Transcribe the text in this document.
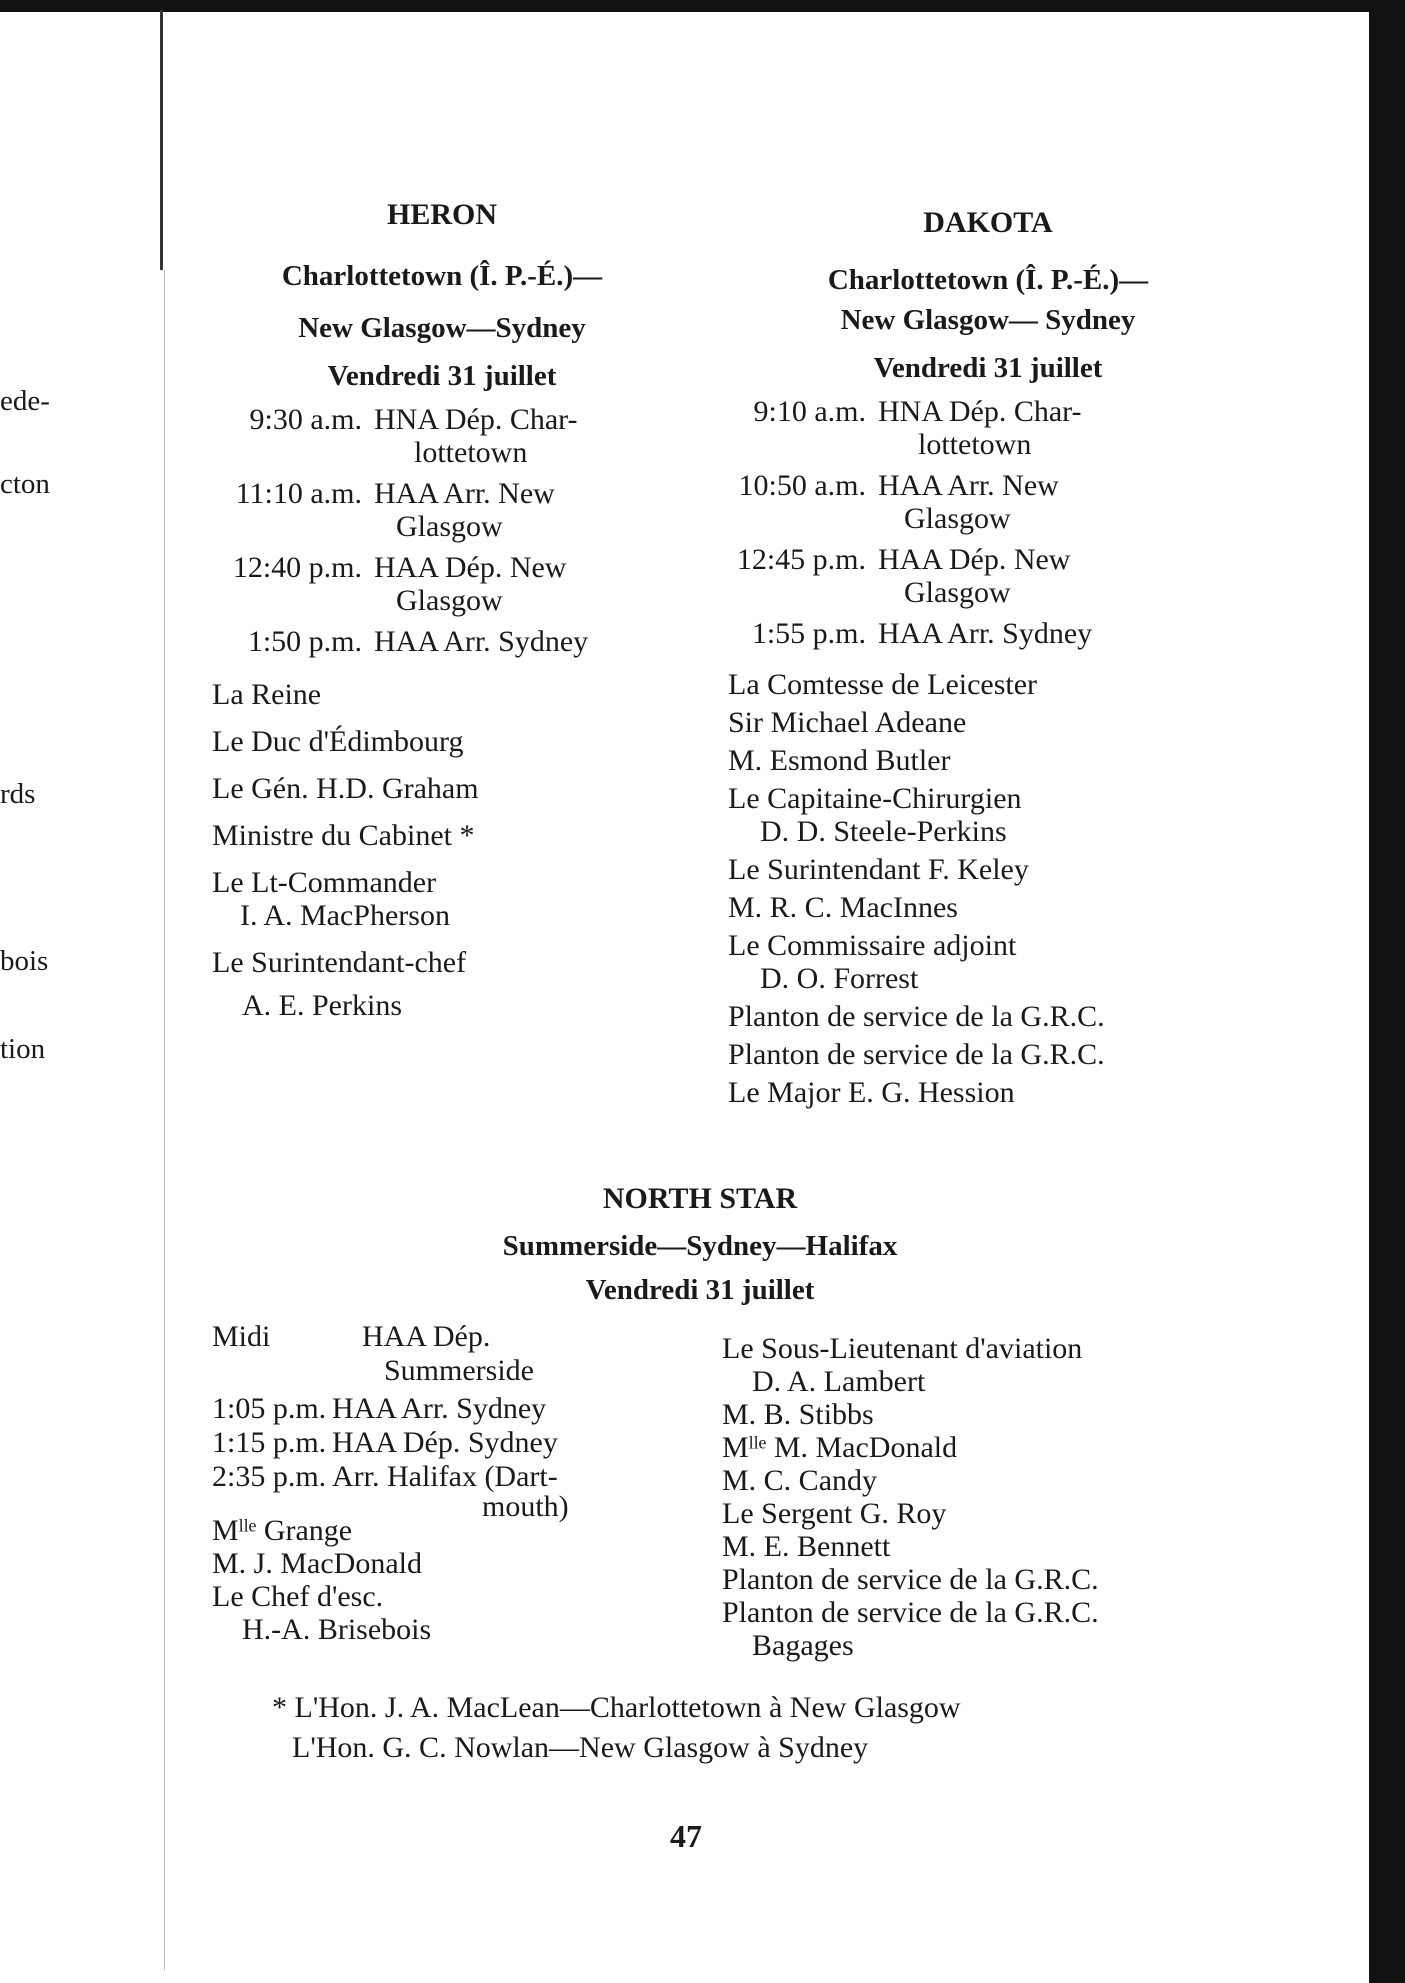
ede-
cton
rds
bois
tion
HERON
Charlottetown (Î. P.-É.)—
New Glasgow—Sydney
Vendredi 31 juillet
9:30 a.m. HNA Dép. Char-
lottetown
11:10 a.m. HAA Arr. New
Glasgow
12:40 p.m. HAA Dép. New
Glasgow
1:50 p.m. HAA Arr. Sydney
La Reine
Le Duc d'Édimbourg
Le Gén. H.D. Graham
Ministre du Cabinet *
Le Lt-Commander
I. A. MacPherson
Le Surintendant-chef
A. E. Perkins
DAKOTA
Charlottetown (Î. P.-É.)—
New Glasgow— Sydney
Vendredi 31 juillet
9:10 a.m. HNA Dép. Char-
lottetown
10:50 a.m. HAA Arr. New
Glasgow
12:45 p.m. HAA Dép. New
Glasgow
1:55 p.m. HAA Arr. Sydney
La Comtesse de Leicester
Sir Michael Adeane
M. Esmond Butler
Le Capitaine-Chirurgien
D. D. Steele-Perkins
Le Surintendant F. Keley
M. R. C. MacInnes
Le Commissaire adjoint
D. O. Forrest
Planton de service de la G.R.C.
Planton de service de la G.R.C.
Le Major E. G. Hession
NORTH STAR
Summerside—Sydney—Halifax
Vendredi 31 juillet
Midi	HAA Dép.
Summerside
1:05 p.m. HAA Arr. Sydney
1:15 p.m. HAA Dép. Sydney
2:35 p.m. Arr. Halifax (Dart-
mouth)
Mˡˡᵉ Grange
M. J. MacDonald
Le Chef d'esc.
H.-A. Brisebois
Le Sous-Lieutenant d'aviation
D. A. Lambert
M. B. Stibbs
Mˡˡᵉ M. MacDonald
M. C. Candy
Le Sergent G. Roy
M. E. Bennett
Planton de service de la G.R.C.
Planton de service de la G.R.C.
Bagages
* L'Hon. J. A. MacLean—Charlottetown à New Glasgow
L'Hon. G. C. Nowlan—New Glasgow à Sydney
47
